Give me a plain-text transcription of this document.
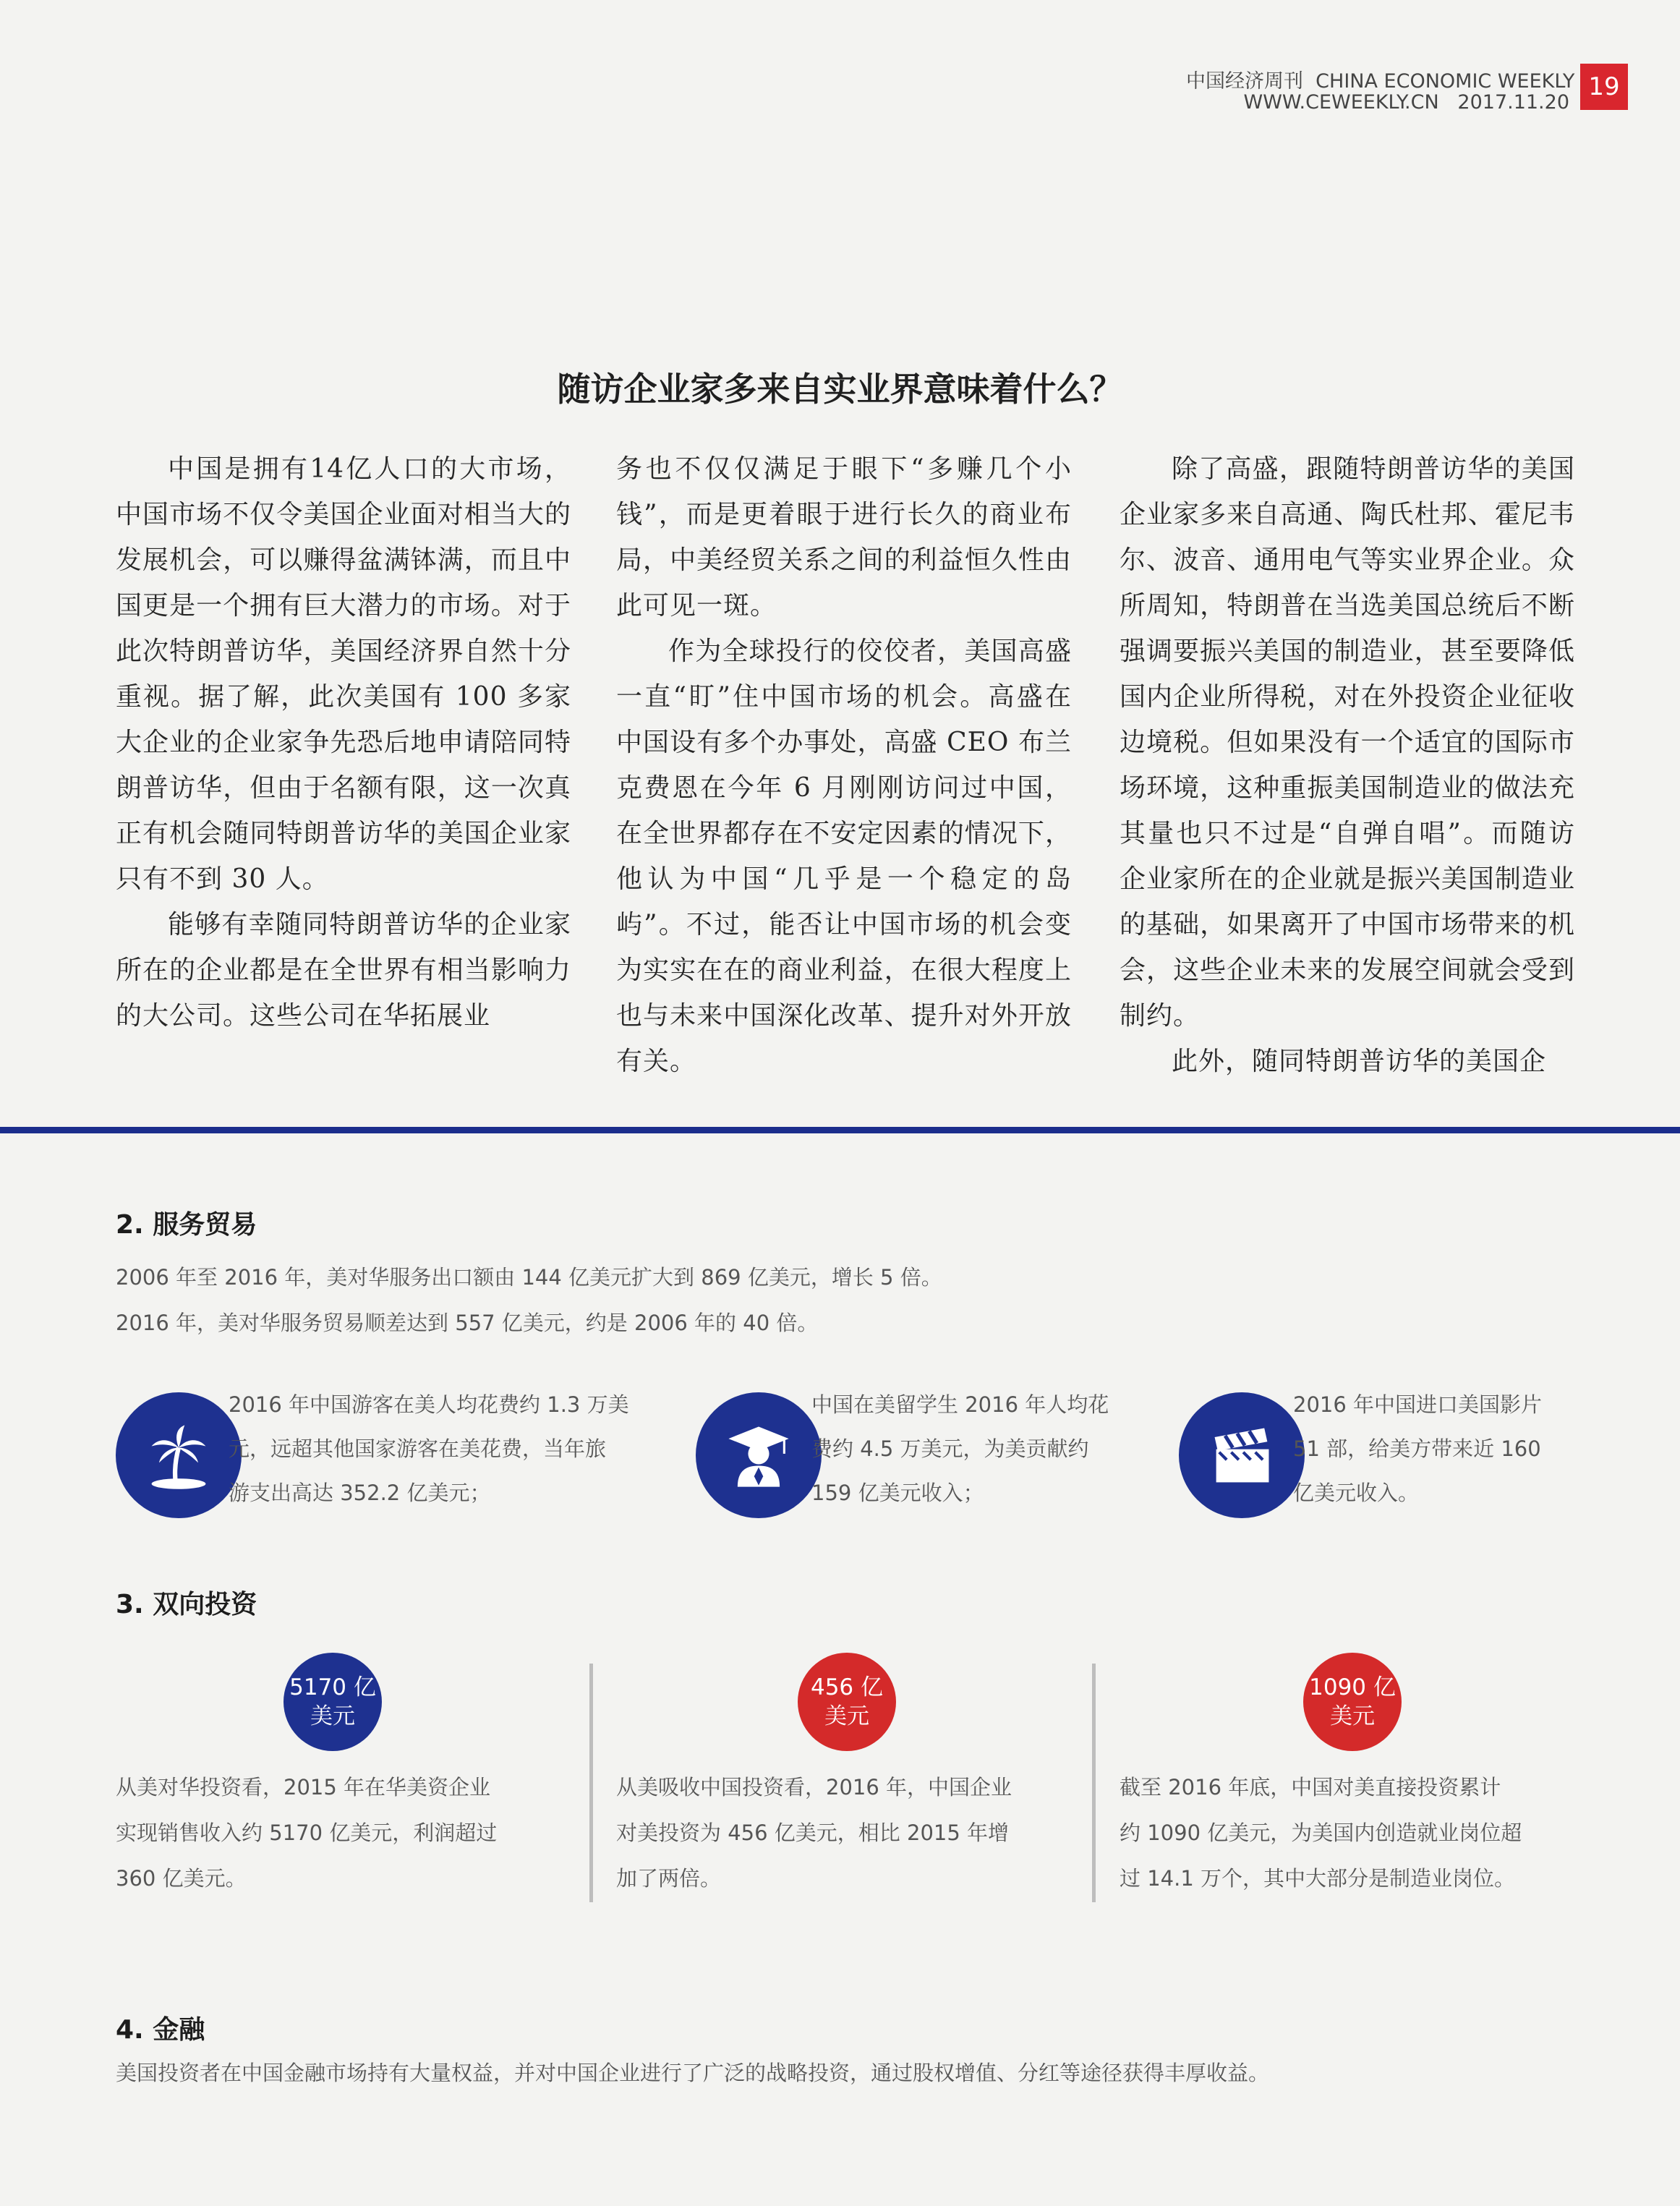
中国经济周刊 CHINA ECONOMIC WEEKLY
WWW.CEWEEKLY.CN 2017.11.20
19
随访企业家多来自实业界意味着什么？

中国是拥有14亿人口的大市场，中国市场不仅令美国企业面对相当大的发展机会，可以赚得盆满钵满，而且中国更是一个拥有巨大潜力的市场。对于此次特朗普访华，美国经济界自然十分重视。据了解，此次美国有 100 多家大企业的企业家争先恐后地申请陪同特朗普访华，但由于名额有限，这一次真正有机会随同特朗普访华的美国企业家只有不到 30 人。

能够有幸随同特朗普访华的企业家所在的企业都是在全世界有相当影响力的大公司。这些公司在华拓展业

务也不仅仅满足于眼下“多赚几个小钱”，而是更着眼于进行长久的商业布局，中美经贸关系之间的利益恒久性由此可见一斑。

作为全球投行的佼佼者，美国高盛一直“盯”住中国市场的机会。高盛在中国设有多个办事处，高盛 CEO 布兰克费恩在今年 6 月刚刚访问过中国，在全世界都存在不安定因素的情况下，他认为中国“几乎是一个稳定的岛屿”。不过，能否让中国市场的机会变为实实在在的商业利益，在很大程度上也与未来中国深化改革、提升对外开放有关。

除了高盛，跟随特朗普访华的美国企业家多来自高通、陶氏杜邦、霍尼韦尔、波音、通用电气等实业界企业。众所周知，特朗普在当选美国总统后不断强调要振兴美国的制造业，甚至要降低国内企业所得税，对在外投资企业征收边境税。但如果没有一个适宜的国际市场环境，这种重振美国制造业的做法充其量也只不过是“自弹自唱”。而随访企业家所在的企业就是振兴美国制造业的基础，如果离开了中国市场带来的机会，这些企业未来的发展空间就会受到制约。

此外，随同特朗普访华的美国企

2. 服务贸易
2006 年至 2016 年，美对华服务出口额由 144 亿美元扩大到 869 亿美元，增长 5 倍。
2016 年，美对华服务贸易顺差达到 557 亿美元，约是 2006 年的 40 倍。
2016 年中国游客在美人均花费约 1.3 万美
元，远超其他国家游客在美花费，当年旅
游支出高达 352.2 亿美元；
中国在美留学生 2016 年人均花
费约 4.5 万美元，为美贡献约
159 亿美元收入；
2016 年中国进口美国影片
51 部，给美方带来近 160
亿美元收入。
3. 双向投资
5170 亿
美元
从美对华投资看，2015 年在华美资企业
实现销售收入约 5170 亿美元，利润超过
360 亿美元。
456 亿
美元
从美吸收中国投资看，2016 年，中国企业
对美投资为 456 亿美元，相比 2015 年增
加了两倍。
1090 亿
美元
截至 2016 年底，中国对美直接投资累计
约 1090 亿美元，为美国内创造就业岗位超
过 14.1 万个，其中大部分是制造业岗位。
4. 金融
美国投资者在中国金融市场持有大量权益，并对中国企业进行了广泛的战略投资，通过股权增值、分红等途径获得丰厚收益。
